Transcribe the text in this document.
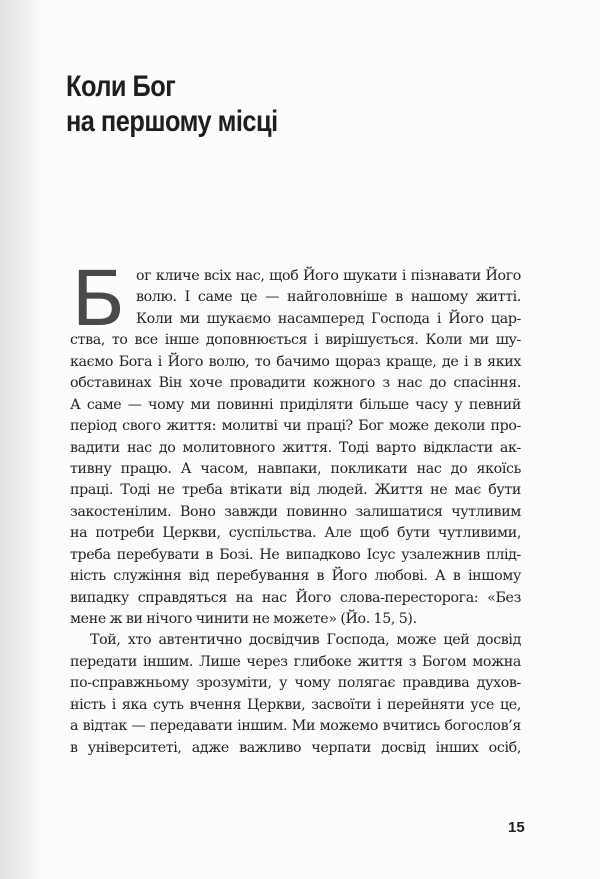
Коли Бог
на першому місці
Б ог кличе всіх нас, щоб Його шукати і пізнавати Його
волю. І саме це — найголовніше в нашому житті.
Коли ми шукаємо насамперед Господа і Його цар-
ства, то все інше доповнюється і вирішується. Коли ми шу-
каємо Бога і Його волю, то бачимо щораз краще, де і в яких
обставинах Він хоче провадити кожного з нас до спасіння.
А саме — чому ми повинні приділяти більше часу у певний
період свого життя: молитві чи праці? Бог може деколи про-
вадити нас до молитовного життя. Тоді варто відкласти ак-
тивну працю. А часом, навпаки, покликати нас до якоїсь
праці. Тоді не треба втікати від людей. Життя не має бути
закостенілим. Воно завжди повинно залишатися чутливим
на потреби Церкви, суспільства. Але щоб бути чутливими,
треба перебувати в Бозі. Не випадково Ісус узалежнив плід-
ність служіння від перебування в Його любові. А в іншому
випадку справдяться на нас Його слова-пересторога: «Без
мене ж ви нічого чинити не можете» (Йо. 15, 5).
Той, хто автентично досвідчив Господа, може цей досвід
передати іншим. Лише через глибоке життя з Богом можна
по-справжньому зрозуміти, у чому полягає правдива духов-
ність і яка суть вчення Церкви, засвоїти і перейняти усе це,
а відтак — передавати іншим. Ми можемо вчитись богослов’я
в університеті, адже важливо черпати досвід інших осіб,
15
